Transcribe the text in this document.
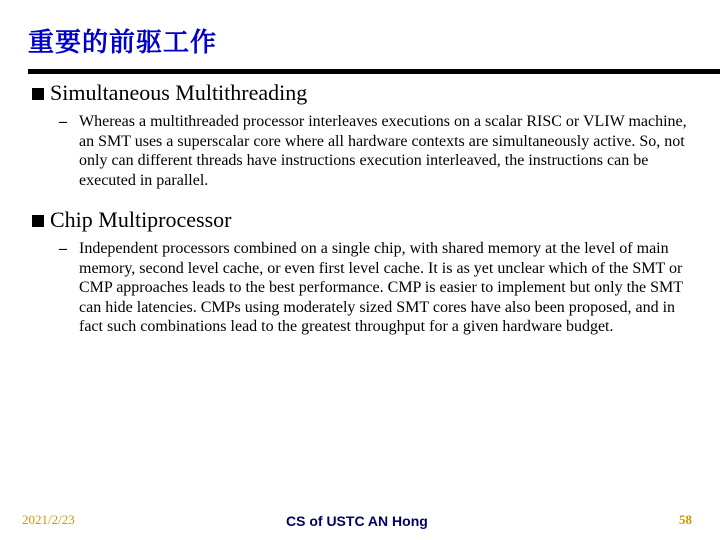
重要的前驱工作
Simultaneous Multithreading
– Whereas a multithreaded processor interleaves executions on a scalar RISC or VLIW machine, an SMT uses a superscalar core where all hardware contexts are simultaneously active. So, not only can different threads have instructions execution interleaved, the instructions can be executed in parallel.
Chip Multiprocessor
– Independent processors combined on a single chip, with shared memory at the level of main memory, second level cache, or even first level cache. It is as yet unclear which of the SMT or CMP approaches leads to the best performance. CMP is easier to implement but only the SMT can hide latencies. CMPs using moderately sized SMT cores have also been proposed, and in fact such combinations lead to the greatest throughput for a given hardware budget.
2021/2/23	CS of USTC AN Hong	58
